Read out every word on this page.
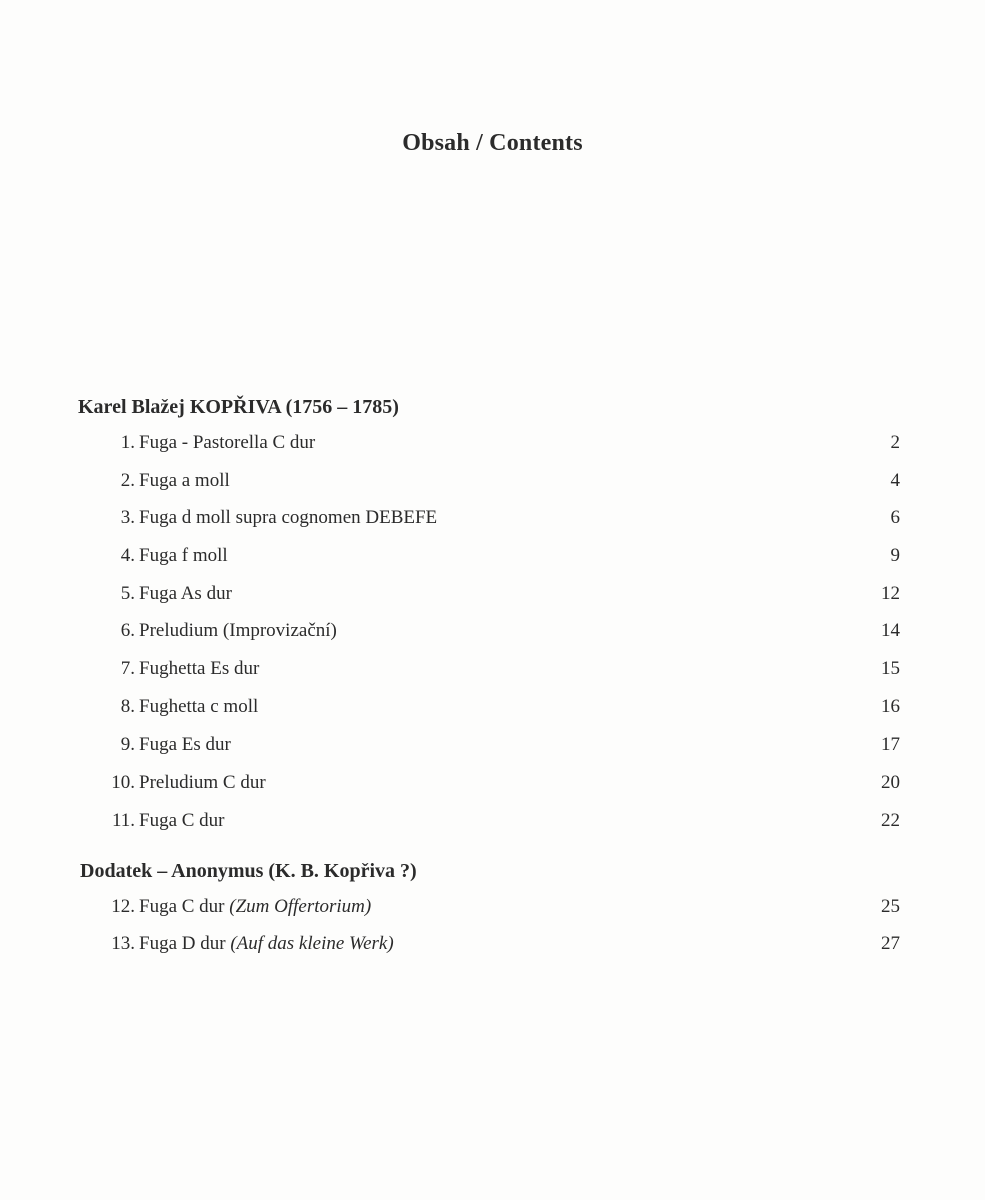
Obsah / Contents
Karel Blažej KOPŘIVA (1756 – 1785)
1. Fuga - Pastorella C dur	2
2. Fuga a moll	4
3. Fuga d moll supra cognomen DEBEFE	6
4. Fuga f moll	9
5. Fuga As dur	12
6. Preludium (Improvizační)	14
7. Fughetta Es dur	15
8. Fughetta c moll	16
9. Fuga Es dur	17
10. Preludium C dur	20
11. Fuga C dur	22
Dodatek – Anonymus (K. B. Kopřiva ?)
12. Fuga C dur (Zum Offertorium)	25
13. Fuga D dur (Auf das kleine Werk)	27
